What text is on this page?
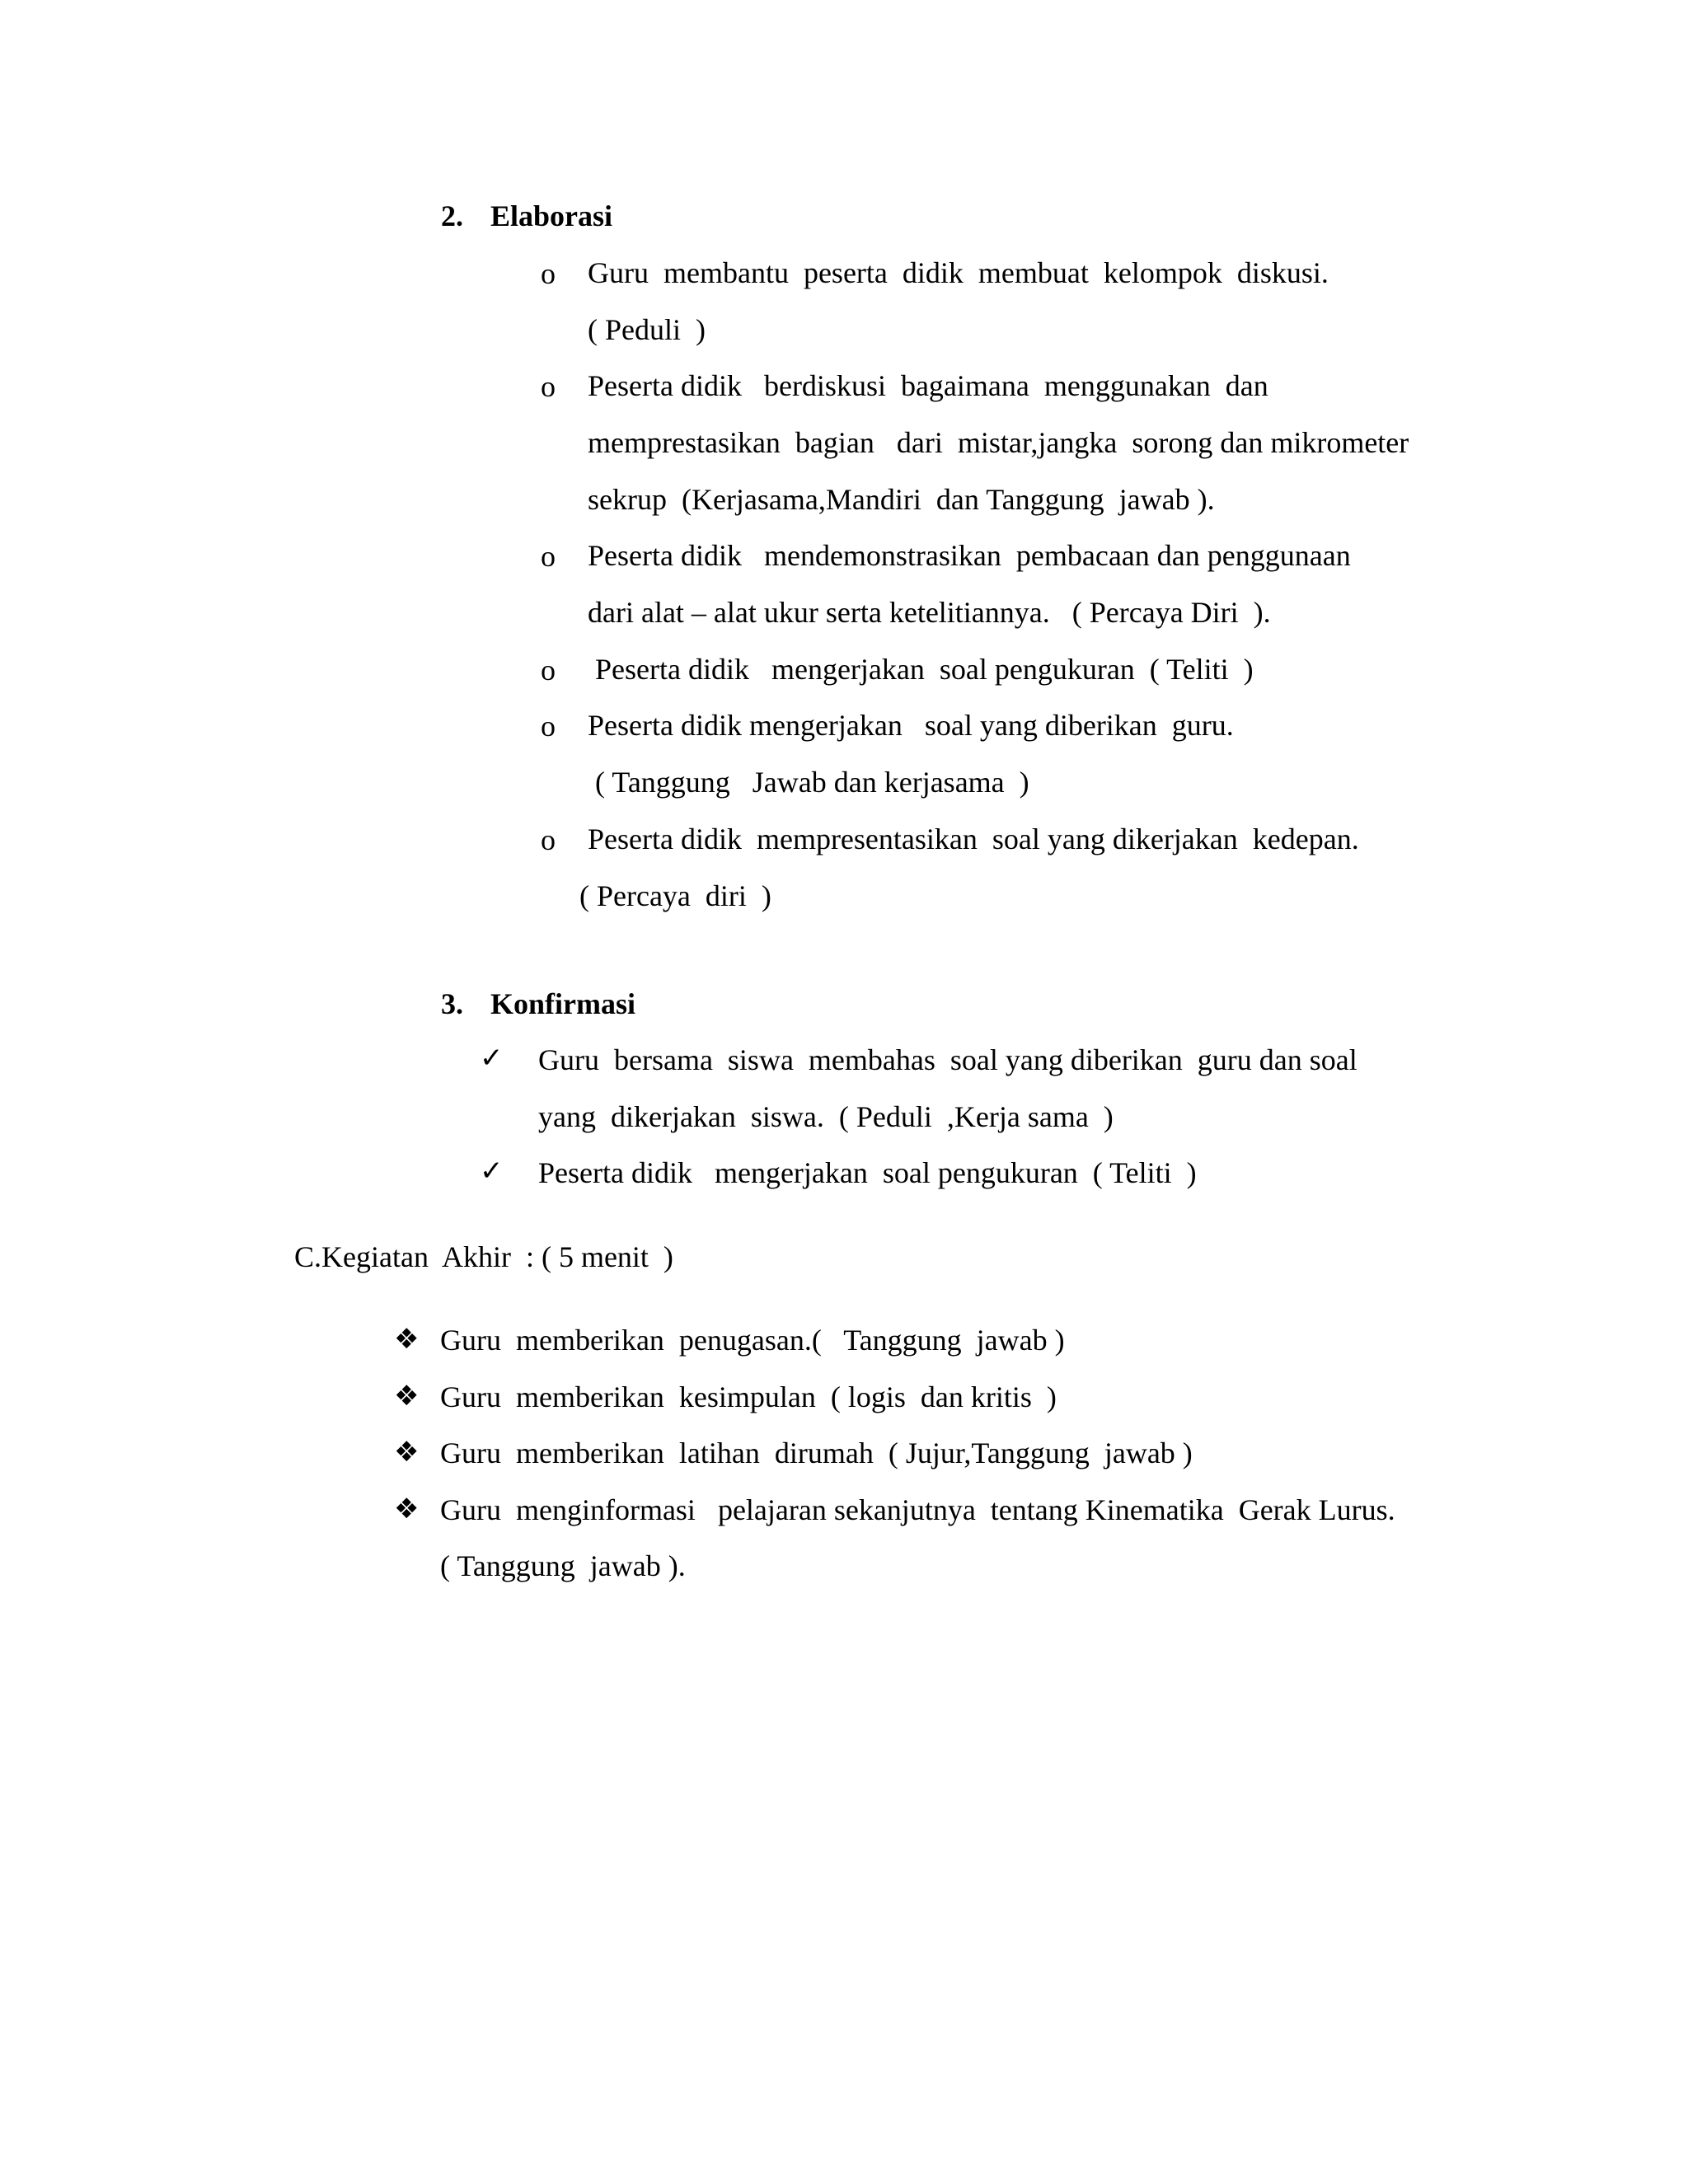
2. Elaborasi
o Guru  membantu  peserta  didik  membuat  kelompok  diskusi.
( Peduli  )
o Peserta didik   berdiskusi  bagaimana  menggunakan  dan
memprestasikan  bagian   dari  mistar,jangka  sorong dan mikrometer
sekrup  (Kerjasama,Mandiri  dan Tanggung  jawab ).
o Peserta didik   mendemonstrasikan  pembacaan dan penggunaan
dari alat – alat ukur serta ketelitiannya.   ( Percaya Diri  ).
o Peserta didik   mengerjakan  soal pengukuran  ( Teliti  )
o Peserta didik mengerjakan   soal yang diberikan  guru.
( Tanggung   Jawab dan kerjasama  )
o Peserta didik  mempresentasikan  soal yang dikerjakan  kedepan.
( Percaya  diri  )
3. Konfirmasi
✓ Guru  bersama  siswa  membahas  soal yang diberikan  guru dan soal
yang  dikerjakan  siswa.  ( Peduli  ,Kerja sama  )
✓ Peserta didik   mengerjakan  soal pengukuran  ( Teliti  )
C.Kegiatan  Akhir  : ( 5 menit  )
❖ Guru  memberikan  penugasan.(   Tanggung  jawab )
❖ Guru  memberikan  kesimpulan  ( logis  dan kritis  )
❖ Guru  memberikan  latihan  dirumah  ( Jujur,Tanggung  jawab )
❖ Guru  menginformasi   pelajaran sekanjutnya  tentang Kinematika  Gerak Lurus.
( Tanggung  jawab ).
